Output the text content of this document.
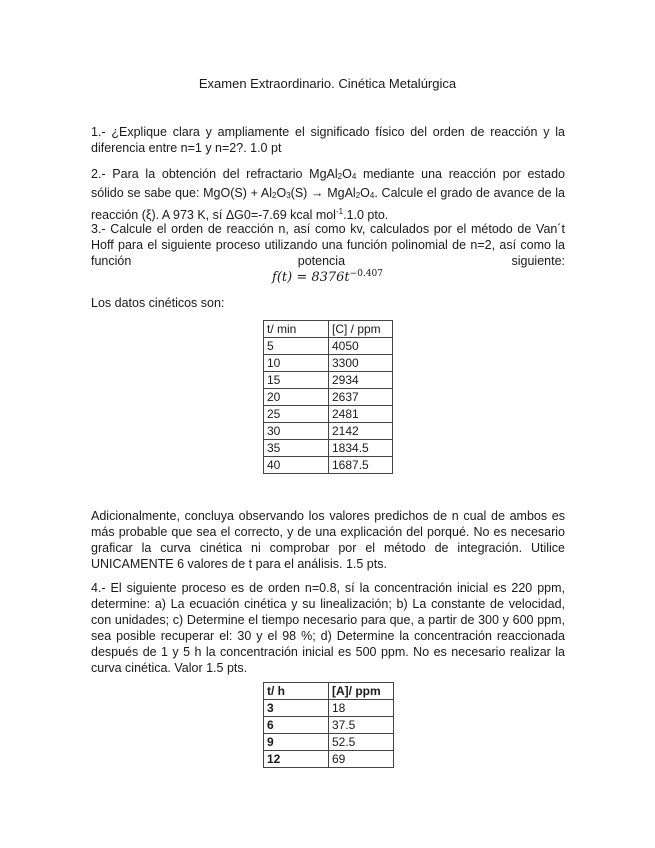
Examen Extraordinario. Cinética Metalúrgica
1.- ¿Explique clara y ampliamente el significado físico del orden de reacción y la diferencia entre n=1 y n=2?. 1.0 pt
2.- Para la obtención del refractario $MgAl_2O_4$ mediante una reacción por estado sólido se sabe que: $MgO(S) + Al_2O_3(S)$ → $MgAl_2O_4$. Calcule el grado de avance de la reacción (ξ). A 973 K, sí ΔG0=-7.69 kcal mol$^{-1}$.1.0 pto.
3.- Calcule el orden de reacción n, así como kv, calculados por el método de Van´t Hoff para el siguiente proceso utilizando una función polinomial de n=2, así como la función potencia siguiente:
$f(t) = 8376t^{-0.407}$
Los datos cinéticos son:
t/ min	[C] / ppm
5	4050
10	3300
15	2934
20	2637
25	2481
30	2142
35	1834.5
40	1687.5
Adicionalmente, concluya observando los valores predichos de n cual de ambos es más probable que sea el correcto, y de una explicación del porqué. No es necesario graficar la curva cinética ni comprobar por el método de integración. Utilice UNICAMENTE 6 valores de t para el análisis. 1.5 pts.
4.- El siguiente proceso es de orden n=0.8, sí la concentración inicial es 220 ppm, determine: a) La ecuación cinética y su linealización; b) La constante de velocidad, con unidades; c) Determine el tiempo necesario para que, a partir de 300 y 600 ppm, sea posible recuperar el: 30 y el 98 %; d) Determine la concentración reaccionada después de 1 y 5 h la concentración inicial es 500 ppm. No es necesario realizar la curva cinética. Valor 1.5 pts.
t/ h	[A]/ ppm
3	18
6	37.5
9	52.5
12	69
